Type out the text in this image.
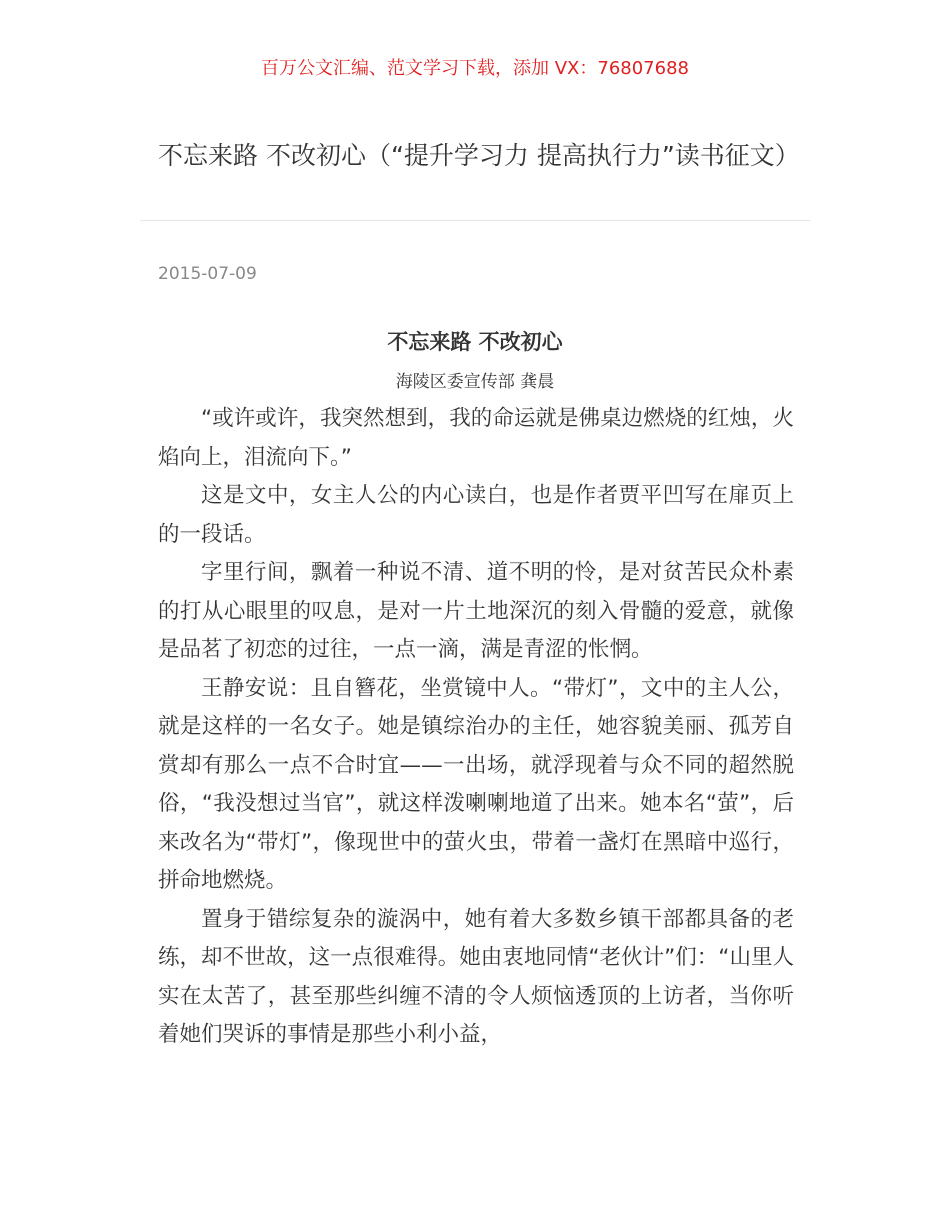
百万公文汇编、范文学习下载，添加 VX：76807688
不忘来路 不改初心（“提升学习力 提高执行力”读书征文）
2015-07-09
不忘来路 不改初心
海陵区委宣传部 龚晨

“或许或许，我突然想到，我的命运就是佛桌边燃烧的红烛，火焰向上，泪流向下。”

这是文中，女主人公的内心读白，也是作者贾平凹写在扉页上的一段话。

字里行间，飘着一种说不清、道不明的怜，是对贫苦民众朴素的打从心眼里的叹息，是对一片土地深沉的刻入骨髓的爱意，就像是品茗了初恋的过往，一点一滴，满是青涩的怅惘。

王静安说：且自簪花，坐赏镜中人。“带灯”，文中的主人公，就是这样的一名女子。她是镇综治办的主任，她容貌美丽、孤芳自赏却有那么一点不合时宜——一出场，就浮现着与众不同的超然脱俗，“我没想过当官”，就这样泼喇喇地道了出来。她本名“萤”，后来改名为“带灯”，像现世中的萤火虫，带着一盏灯在黑暗中巡行，拼命地燃烧。

置身于错综复杂的漩涡中，她有着大多数乡镇干部都具备的老练，却不世故，这一点很难得。她由衷地同情“老伙计”们：“山里人实在太苦了，甚至那些纠缠不清的令人烦恼透顶的上访者，当你听着她们哭诉的事情是那些小利小益，
